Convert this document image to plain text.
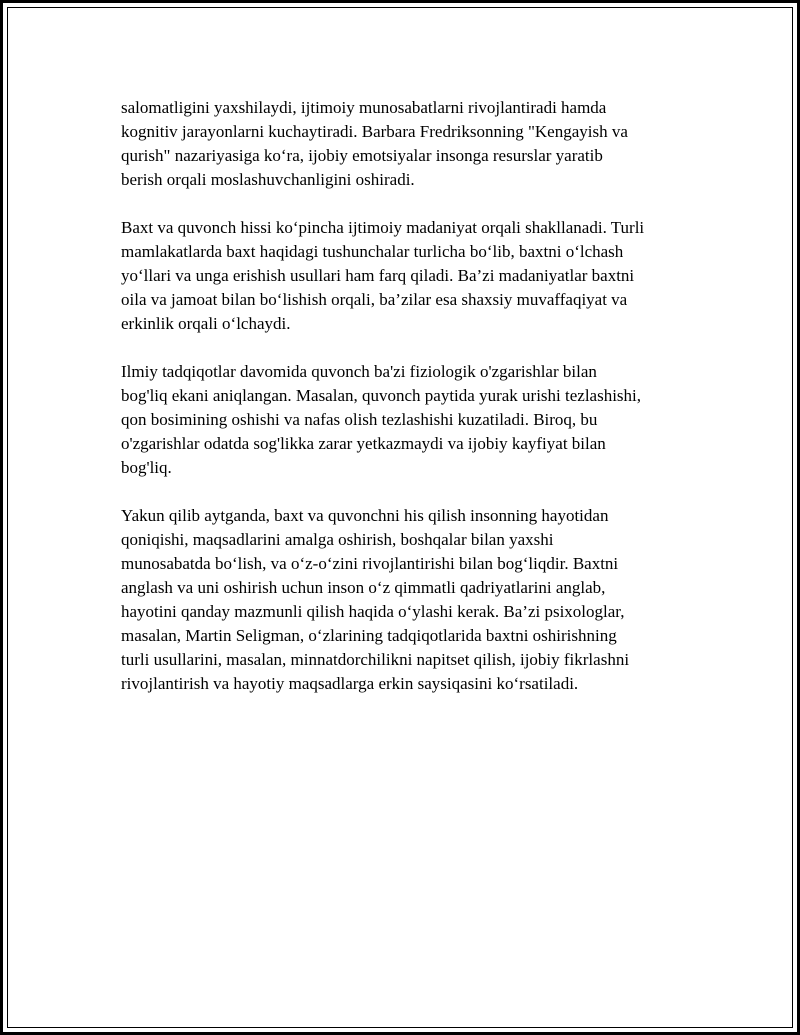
salomatligini yaxshilaydi, ijtimoiy munosabatlarni rivojlantiradi hamda
kognitiv jarayonlarni kuchaytiradi. Barbara Fredriksonning "Kengayish va
qurish" nazariyasiga ko‘ra, ijobiy emotsiyalar insonga resurslar yaratib
berish orqali moslashuvchanligini oshiradi.

Baxt va quvonch hissi ko‘pincha ijtimoiy madaniyat orqali shakllanadi. Turli
mamlakatlarda baxt haqidagi tushunchalar turlicha bo‘lib, baxtni o‘lchash
yo‘llari va unga erishish usullari ham farq qiladi. Ba’zi madaniyatlar baxtni
oila va jamoat bilan bo‘lishish orqali, ba’zilar esa shaxsiy muvaffaqiyat va
erkinlik orqali o‘lchaydi.

Ilmiy tadqiqotlar davomida quvonch ba'zi fiziologik o'zgarishlar bilan
bog'liq ekani aniqlangan. Masalan, quvonch paytida yurak urishi tezlashishi,
qon bosimining oshishi va nafas olish tezlashishi kuzatiladi. Biroq, bu
o'zgarishlar odatda sog'likka zarar yetkazmaydi va ijobiy kayfiyat bilan
bog'liq.

Yakun qilib aytganda, baxt va quvonchni his qilish insonning hayotidan
qoniqishi, maqsadlarini amalga oshirish, boshqalar bilan yaxshi
munosabatda bo‘lish, va o‘z-o‘zini rivojlantirishi bilan bog‘liqdir. Baxtni
anglash va uni oshirish uchun inson o‘z qimmatli qadriyatlarini anglab,
hayotini qanday mazmunli qilish haqida o‘ylashi kerak. Ba’zi psixologlar,
masalan, Martin Seligman, o‘zlarining tadqiqotlarida baxtni oshirishning
turli usullarini, masalan, minnatdorchilikni napitset qilish, ijobiy fikrlashni
rivojlantirish va hayotiy maqsadlarga erkin saysiqasini ko‘rsatiladi.
